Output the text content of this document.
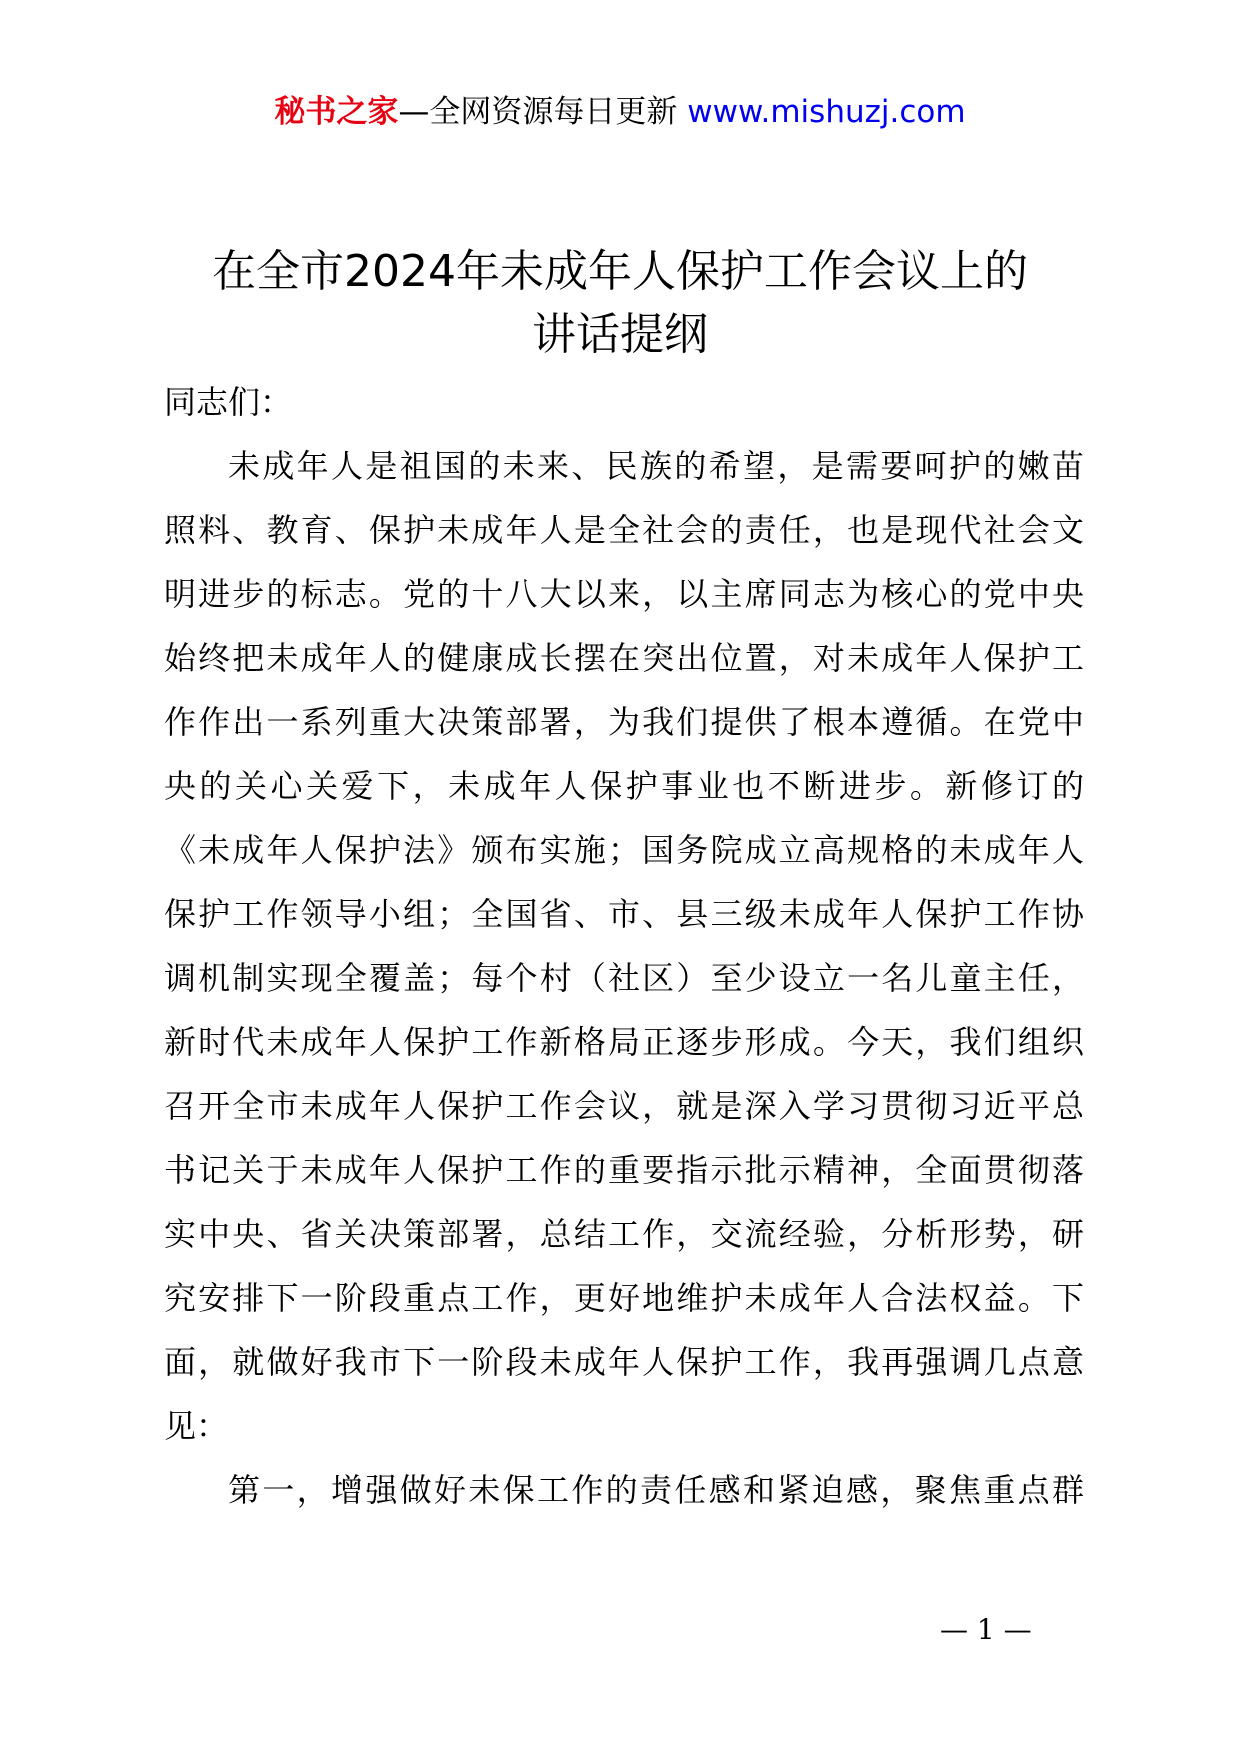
秘书之家—全网资源每日更新 www.mishuzj.com
在全市2024年未成年人保护工作会议上的
讲话提纲

同志们：

未成年人是祖国的未来、民族的希望，是需要呵护的嫩苗
照料、教育、保护未成年人是全社会的责任，也是现代社会文
明进步的标志。党的十八大以来，以主席同志为核心的党中央
始终把未成年人的健康成长摆在突出位置，对未成年人保护工
作作出一系列重大决策部署，为我们提供了根本遵循。在党中
央的关心关爱下，未成年人保护事业也不断进步。新修订的
《未成年人保护法》颁布实施；国务院成立高规格的未成年人
保护工作领导小组；全国省、市、县三级未成年人保护工作协
调机制实现全覆盖；每个村（社区）至少设立一名儿童主任，
新时代未成年人保护工作新格局正逐步形成。今天，我们组织
召开全市未成年人保护工作会议，就是深入学习贯彻习近平总
书记关于未成年人保护工作的重要指示批示精神，全面贯彻落
实中央、省关决策部署，总结工作，交流经验，分析形势，研
究安排下一阶段重点工作，更好地维护未成年人合法权益。下
面，就做好我市下一阶段未成年人保护工作，我再强调几点意
见：
第一，增强做好未保工作的责任感和紧迫感，聚焦重点群
— 1 —
